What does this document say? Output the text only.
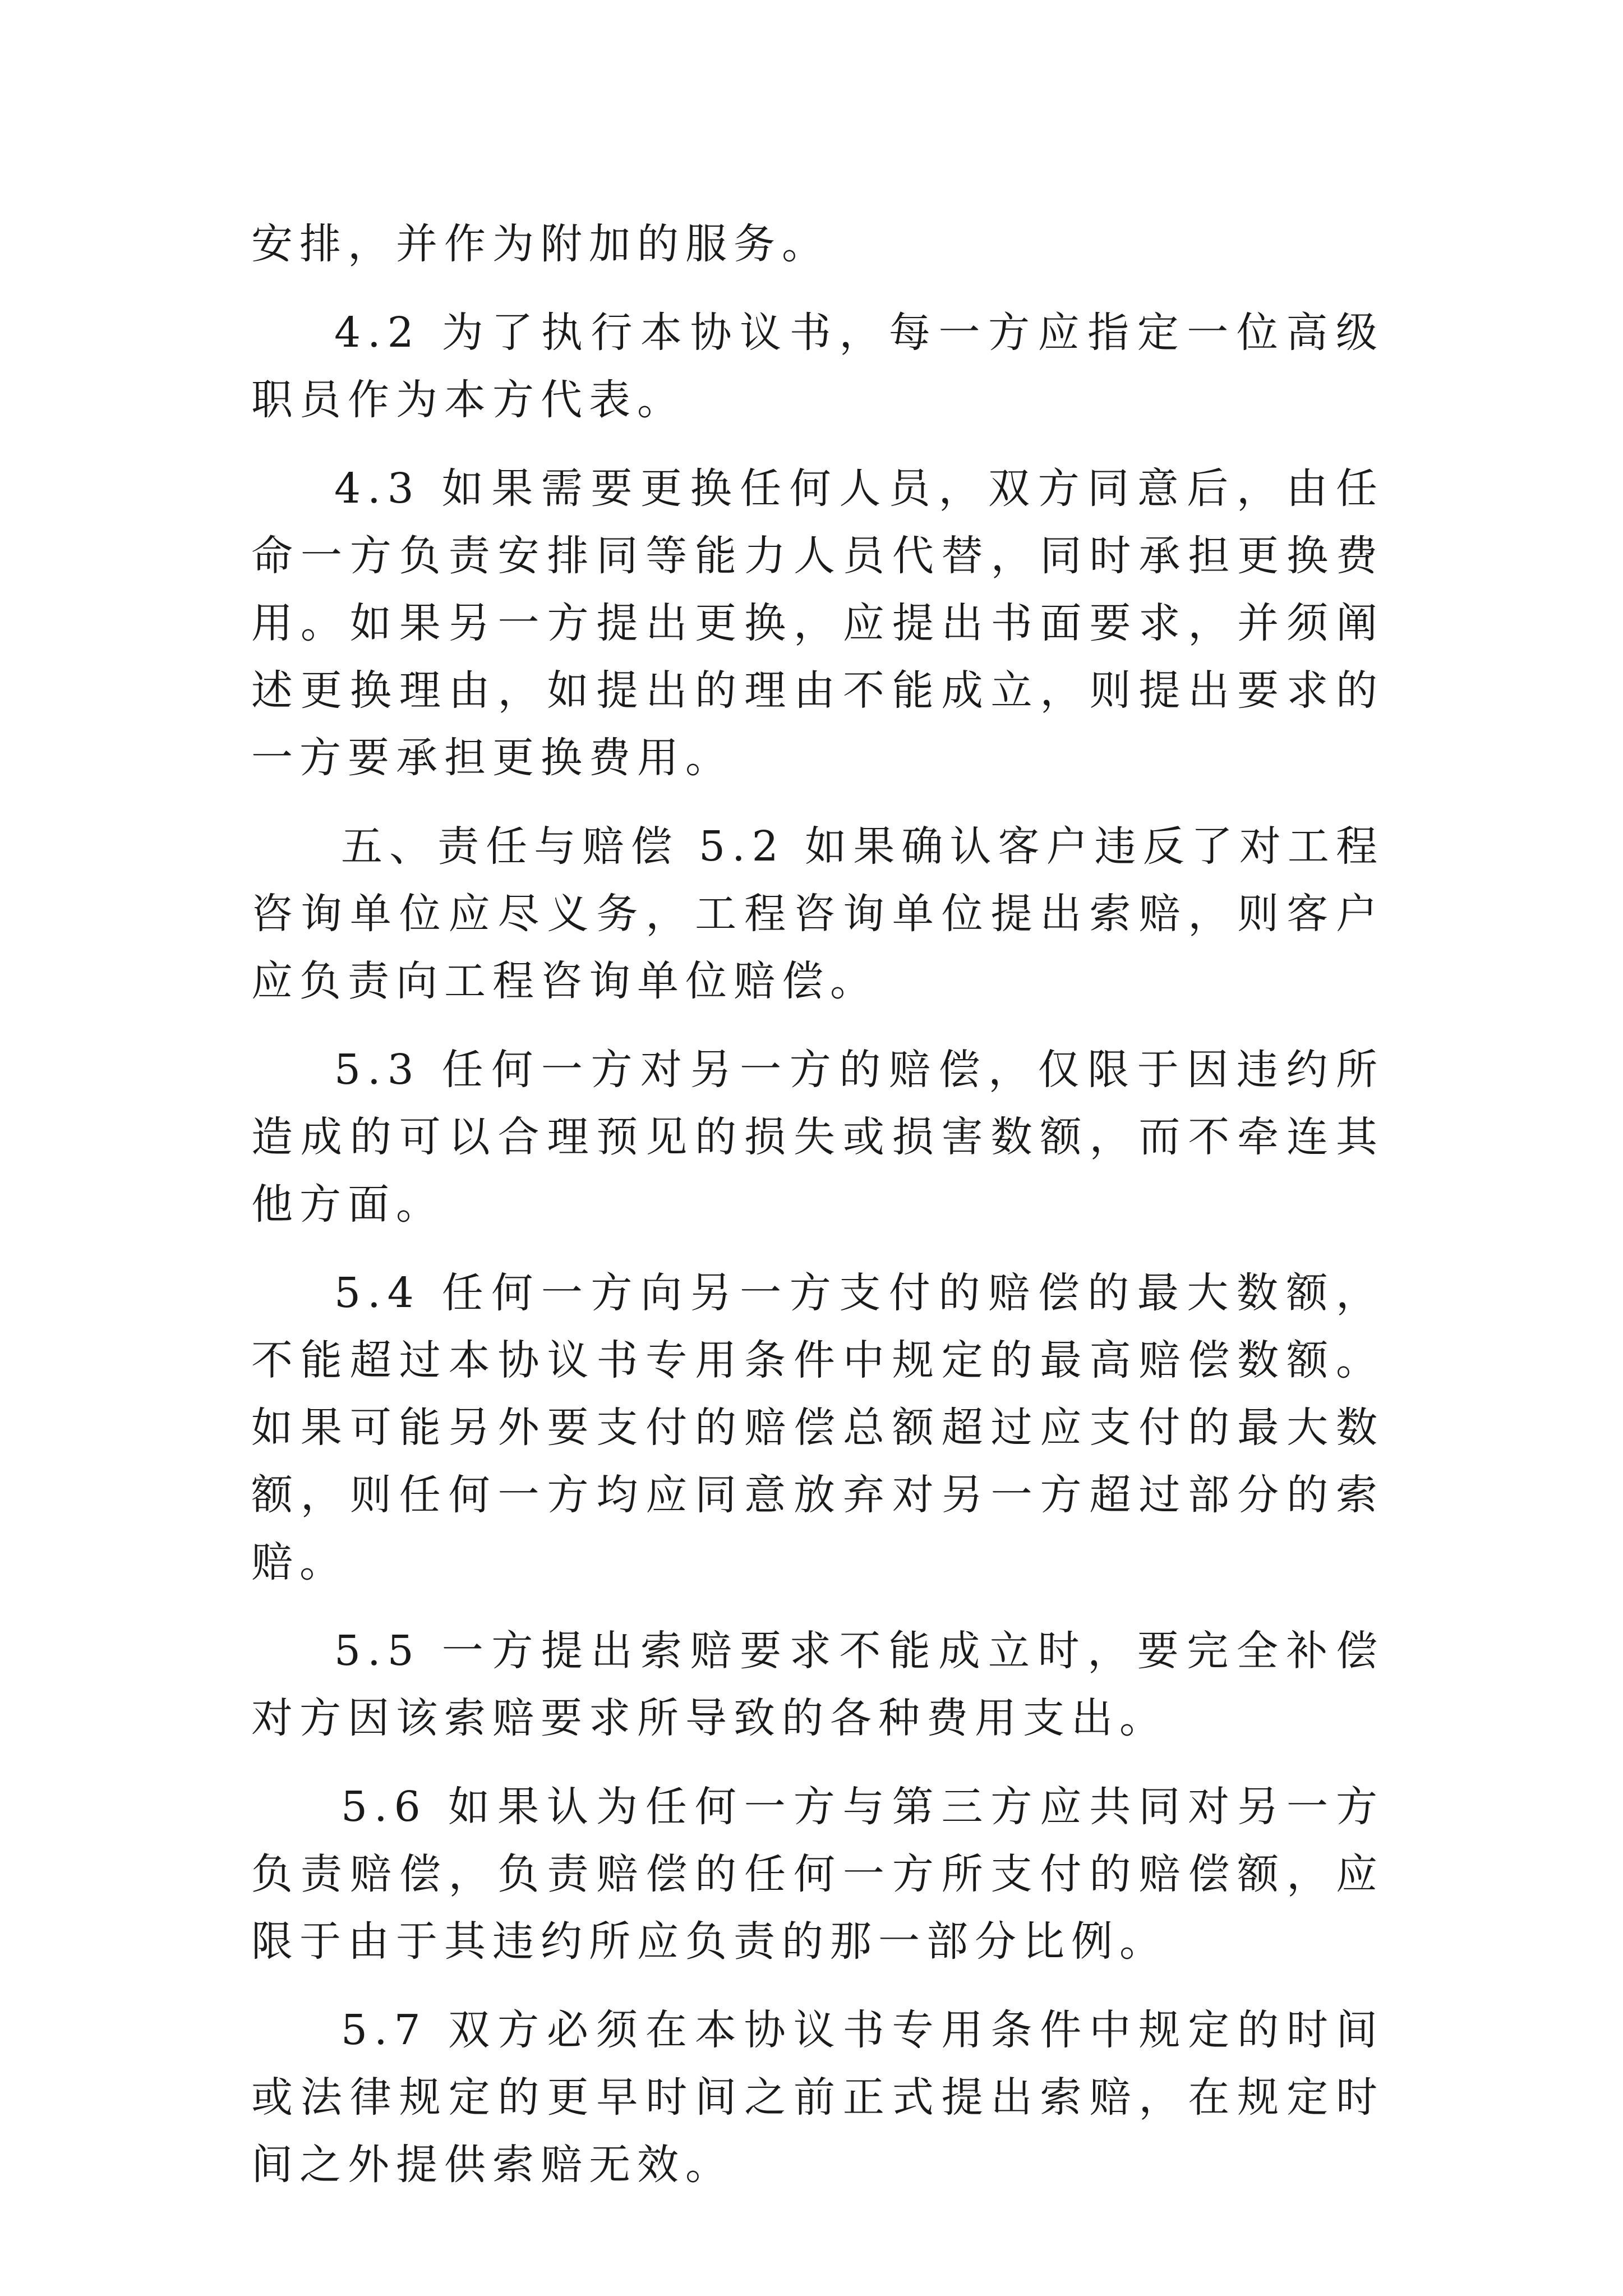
安排，并作为附加的服务。

4.2 为了执行本协议书，每一方应指定一位高级职员作为本方代表。

4.3 如果需要更换任何人员，双方同意后，由任命一方负责安排同等能力人员代替，同时承担更换费用。如果另一方提出更换，应提出书面要求，并须阐述更换理由，如提出的理由不能成立，则提出要求的一方要承担更换费用。

五、责任与赔偿 5.2 如果确认客户违反了对工程咨询单位应尽义务，工程咨询单位提出索赔，则客户应负责向工程咨询单位赔偿。

5.3 任何一方对另一方的赔偿，仅限于因违约所造成的可以合理预见的损失或损害数额，而不牵连其他方面。

5.4 任何一方向另一方支付的赔偿的最大数额，不能超过本协议书专用条件中规定的最高赔偿数额。如果可能另外要支付的赔偿总额超过应支付的最大数额，则任何一方均应同意放弃对另一方超过部分的索赔。

5.5 一方提出索赔要求不能成立时，要完全补偿对方因该索赔要求所导致的各种费用支出。

5.6 如果认为任何一方与第三方应共同对另一方负责赔偿，负责赔偿的任何一方所支付的赔偿额，应限于由于其违约所应负责的那一部分比例。

5.7 双方必须在本协议书专用条件中规定的时间或法律规定的更早时间之前正式提出索赔，在规定时间之外提供索赔无效。
